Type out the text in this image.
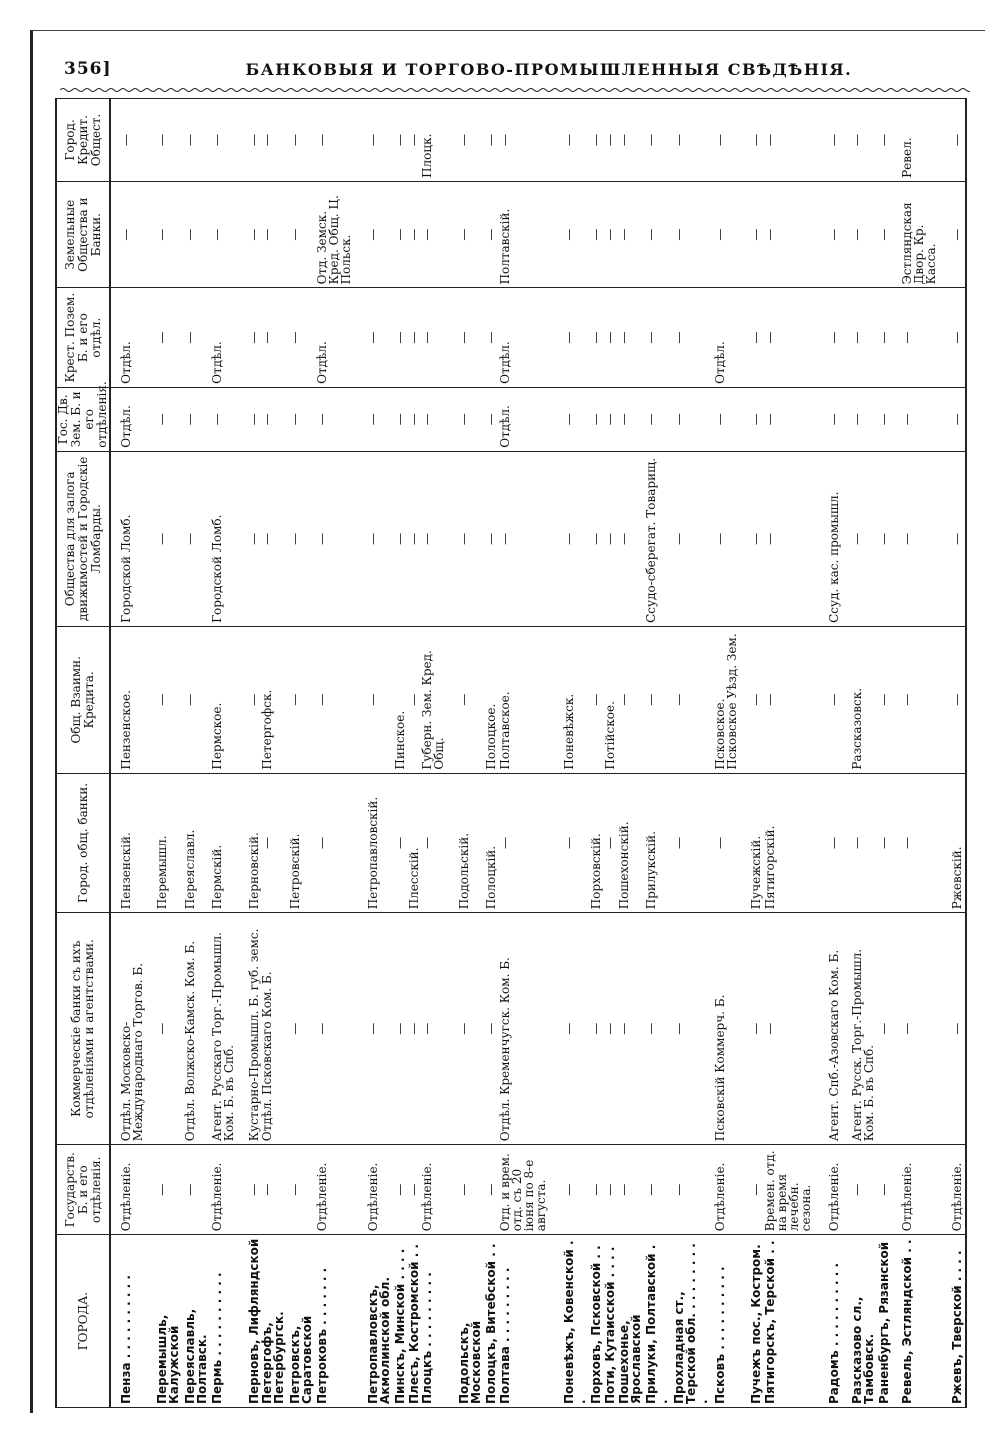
356]	БАНКОВЫЯ И ТОРГОВО-ПРОМЫШЛЕННЫЯ СВѢДѢНІЯ.
ГОРОДА.	Государств. Б. и его отдѣленія.	Коммерческіе банки съ ихъ отдѣленіями и агентствами.	Город. общ. банки.	Общ. Взаимн. Кредита.	Общества для залога движимостей и Городскіе Ломбарды.	Гос. Дв. Зем. Б. и его отдѣленія.	Крест. Позем. Б. и его отдѣл.	Земельные Общества и Банки.	Город. Кредит. Общест.

Пенза . . . . . . . . . .	Отдѣленіе.	Отдѣл. Московско-Международнаго Торгов. Б.	Пензенскій.	Пензенское.	Городской Ломб.	Отдѣл.	Отдѣл.	—	—

Перемышль, Калужской	—	—	Перемышл.	—	—	—	—	—	—
Переяславль, Полтавск.	—	Отдѣл. Волжско-Камск. Ком. Б.	Переяславл.	—	—	—	—	—	—
Пермь . . . . . . . . . .	Отдѣленіе.	Агент. Русскаго Торг.-Промышл. Ком. Б. въ Спб.	Пермскій.	Пермское.	Городской Ломб.	—	Отдѣл.	—	—

Перновъ, Лифляндской	—	Кустарно-Промышл. Б. губ. земс.	Перновскій.	—	—	—	—	—	—
Петергофъ, Петербургск.	—	Отдѣл. Псковскаго Ком. Б.	—	Петергофск.	—	—	—	—	—
Петровскъ, Саратовской	—	—	Петровскій.	—	—	—	—	—	—
Петроковъ . . . . . . .	Отдѣленіе.	—	—	—	—	—	Отдѣл.	Отд. Земск. Кред. Общ. Ц. Польск.	—

Петропавловскъ, Акмолинской обл.	Отдѣленіе.	—	Петропавловскій.	—	—	—	—	—	—
Пинскъ, Минской . . . .	—	—	—	Пинское.	—	—	—	—	—
Плесъ, Костромской . .	—	—	Плесскій.	—	—	—	—	—	—
Плоцкъ . . . . . . . . .	Отдѣленіе.	—	—	Губерн. Зем. Кред. Общ.	—	—	—	—	Плоцк.

Подольскъ, Московской	—	—	Подольскій.	—	—	—	—	—	—
Полоцкъ, Витебской . .	—	—	Полоцкій.	Полоцкое.	—	—	—	—	—
Полтава . . . . . . . . .	Отд. и врем. отд. съ 20 іюня по 8-е августа.	Отдѣл. Кременчугск. Ком. Б.	—	Полтавское.	—	Отдѣл.	Отдѣл.	Полтавскій.	—

Поневѣжъ, Ковенской . .	—	—	—	Поневѣжск.	—	—	—	—	—
Порховъ, Псковской . .	—	—	Порховскій.	—	—	—	—	—	—
Поти, Кутаисской . . . .	—	—	—	Потійское.	—	—	—	—	—
Пошехонье, Ярославской	—	—	Пошехонскій.	—	—	—	—	—	—
Прилуки, Полтавской . .	—	—	Прилукскій.	—	Ссудо-сберегат. Товарищ.	—	—	—	—
Прохладная ст., Терской обл. . . . . . . . . .	—	—	—	—	—	—	—	—	—
Псковъ . . . . . . . . . .	Отдѣленіе.	Псковскій Коммерч. Б.	—	Псковское. Псковское Уѣзд. Зем.	—	—	Отдѣл.	—	—

Пучежъ пос., Костром.	—	—	Пучежскій.	—	—	—	—	—	—
Пятигорскъ, Терской . .	Времен. отд. на время лечебн. сезона.	—	Пятигорскій.	—	—	—	—	—	—

Радомъ . . . . . . . . . .	Отдѣленіе.	Агент. Спб.-Азовскаго Ком. Б.	—	—	Ссуд. кас. промышл.	—	—	—	—

Разсказово сл., Тамбовск.	—	Агент. Русск. Торг.-Промышл. Ком. Б. въ Спб.	—	Разсказовск.	—	—	—	—	—
Раненбургъ, Рязанской	—	—	—	—	—	—	—	—	—

Ревель, Эстляндской . .	Отдѣленіе.	—	—	—	—	—	—	Эстляндская Двор. Кр. Касса.	Ревел.

Ржевъ, Тверской . . . .	Отдѣленіе.	—	Ржевскій.	—	—	—	—	—	—
